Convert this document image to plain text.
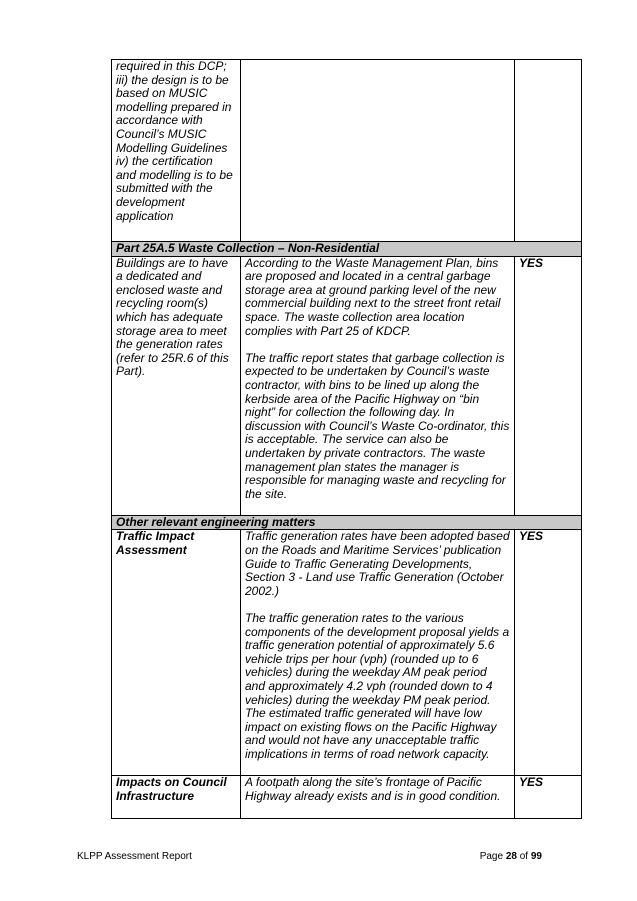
required in this DCP;
iii) the design is to be based on MUSIC modelling prepared in accordance with Council’s MUSIC Modelling Guidelines
iv) the certification and modelling is to be submitted with the development application		
Part 25A.5 Waste Collection – Non-Residential		
Buildings are to have a dedicated and enclosed waste and recycling room(s) which has adequate storage area to meet the generation rates (refer to 25R.6 of this Part).	According to the Waste Management Plan, bins are proposed and located in a central garbage storage area at ground parking level of the new commercial building next to the street front retail space. The waste collection area location complies with Part 25 of KDCP.
The traffic report states that garbage collection is expected to be undertaken by Council’s waste contractor, with bins to be lined up along the kerbside area of the Pacific Highway on “bin night” for collection the following day. In discussion with Council’s Waste Co-ordinator, this is acceptable. The service can also be undertaken by private contractors. The waste management plan states the manager is responsible for managing waste and recycling for the site.	YES
Other relevant engineering matters		
Traffic Impact Assessment	Traffic generation rates have been adopted based on the Roads and Maritime Services’ publication Guide to Traffic Generating Developments, Section 3 - Land use Traffic Generation (October 2002.)
The traffic generation rates to the various components of the development proposal yields a traffic generation potential of approximately 5.6 vehicle trips per hour (vph) (rounded up to 6 vehicles) during the weekday AM peak period and approximately 4.2 vph (rounded down to 4 vehicles) during the weekday PM peak period. The estimated traffic generated will have low impact on existing flows on the Pacific Highway and would not have any unacceptable traffic implications in terms of road network capacity.	YES
Impacts on Council Infrastructure	A footpath along the site’s frontage of Pacific Highway already exists and is in good condition.	YES
KLPP Assessment Report	Page 28 of 99
